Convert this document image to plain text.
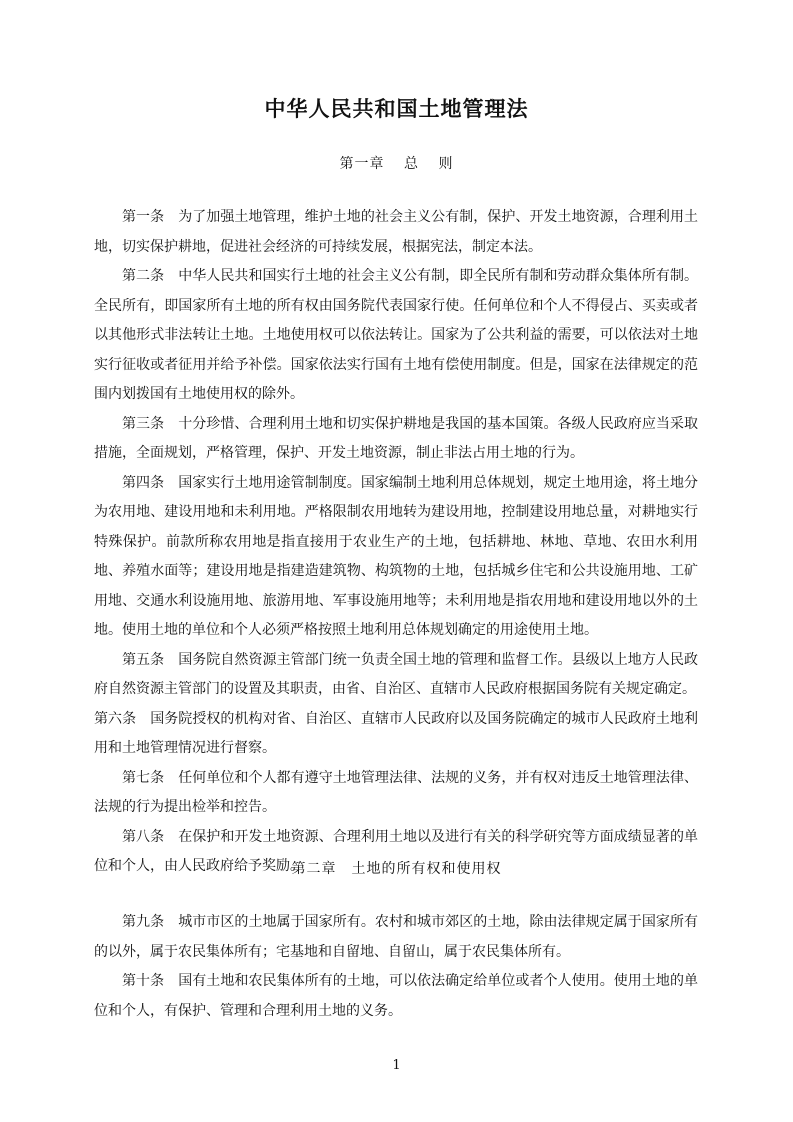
中华人民共和国土地管理法
第一章 总 则

第一条　为了加强土地管理，维护土地的社会主义公有制，保护、开发土地资源，合理利用土地，切实保护耕地，促进社会经济的可持续发展，根据宪法，制定本法。

第二条　中华人民共和国实行土地的社会主义公有制，即全民所有制和劳动群众集体所有制。全民所有，即国家所有土地的所有权由国务院代表国家行使。任何单位和个人不得侵占、买卖或者以其他形式非法转让土地。土地使用权可以依法转让。国家为了公共利益的需要，可以依法对土地实行征收或者征用并给予补偿。国家依法实行国有土地有偿使用制度。但是，国家在法律规定的范围内划拨国有土地使用权的除外。

第三条　十分珍惜、合理利用土地和切实保护耕地是我国的基本国策。各级人民政府应当采取措施，全面规划，严格管理，保护、开发土地资源，制止非法占用土地的行为。

第四条　国家实行土地用途管制制度。国家编制土地利用总体规划，规定土地用途，将土地分为农用地、建设用地和未利用地。严格限制农用地转为建设用地，控制建设用地总量，对耕地实行特殊保护。前款所称农用地是指直接用于农业生产的土地，包括耕地、林地、草地、农田水利用地、养殖水面等；建设用地是指建造建筑物、构筑物的土地，包括城乡住宅和公共设施用地、工矿用地、交通水利设施用地、旅游用地、军事设施用地等；未利用地是指农用地和建设用地以外的土地。使用土地的单位和个人必须严格按照土地利用总体规划确定的用途使用土地。

第五条　国务院自然资源主管部门统一负责全国土地的管理和监督工作。县级以上地方人民政府自然资源主管部门的设置及其职责，由省、自治区、直辖市人民政府根据国务院有关规定确定。

第六条　国务院授权的机构对省、自治区、直辖市人民政府以及国务院确定的城市人民政府土地利用和土地管理情况进行督察。

第七条　任何单位和个人都有遵守土地管理法律、法规的义务，并有权对违反土地管理法律、法规的行为提出检举和控告。

第八条　在保护和开发土地资源、合理利用土地以及进行有关的科学研究等方面成绩显著的单位和个人，由人民政府给予奖励。

第二章　土地的所有权和使用权

第九条　城市市区的土地属于国家所有。农村和城市郊区的土地，除由法律规定属于国家所有的以外，属于农民集体所有；宅基地和自留地、自留山，属于农民集体所有。

第十条　国有土地和农民集体所有的土地，可以依法确定给单位或者个人使用。使用土地的单位和个人，有保护、管理和合理利用土地的义务。

1
